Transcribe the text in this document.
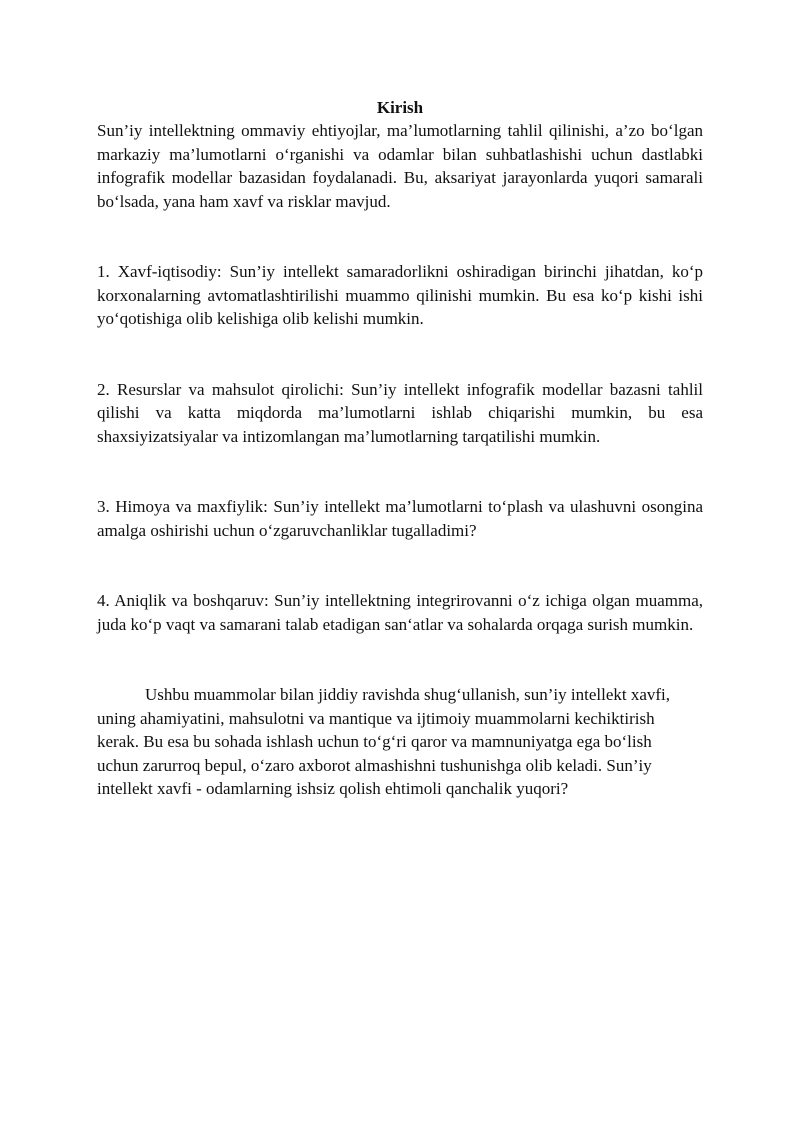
Kirish

Sun’iy intellektning ommaviy ehtiyojlar, ma’lumotlarning tahlil qilinishi, a’zo bo‘lgan markaziy ma’lumotlarni o‘rganishi va odamlar bilan suhbatlashishi uchun dastlabki infografik modellar bazasidan foydalanadi. Bu, aksariyat jarayonlarda yuqori samarali bo‘lsada, yana ham xavf va risklar mavjud.

1. Xavf-iqtisodiy: Sun’iy intellekt samaradorlikni oshiradigan birinchi jihatdan, ko‘p korxonalarning avtomatlashtirilishi muammo qilinishi mumkin. Bu esa ko‘p kishi ishi yo‘qotishiga olib kelishiga olib kelishi mumkin.

2. Resurslar va mahsulot qirolichi: Sun’iy intellekt infografik modellar bazasni tahlil qilishi va katta miqdorda ma’lumotlarni ishlab chiqarishi mumkin, bu esa shaxsiyizatsiyalar va intizomlangan ma’lumotlarning tarqatilishi mumkin.

3. Himoya va maxfiylik: Sun’iy intellekt ma’lumotlarni to‘plash va ulashuvni osongina amalga oshirishi uchun o‘zgaruvchanliklar tugalladimi?

4. Aniqlik va boshqaruv: Sun’iy intellektning integrirovanni o‘z ichiga olgan muamma, juda ko‘p vaqt va samarani talab etadigan san‘atlar va sohalarda orqaga surish mumkin.

Ushbu muammolar bilan jiddiy ravishda shug‘ullanish, sun’iy intellekt xavfi, uning ahamiyatini, mahsulotni va mantique va ijtimoiy muammolarni kechiktirish kerak. Bu esa bu sohada ishlash uchun to‘g‘ri qaror va mamnuniyatga ega bo‘lish uchun zarurroq bepul, o‘zaro axborot almashishni tushunishga olib keladi. Sun’iy intellekt xavfi - odamlarning ishsiz qolish ehtimoli qanchalik yuqori?
